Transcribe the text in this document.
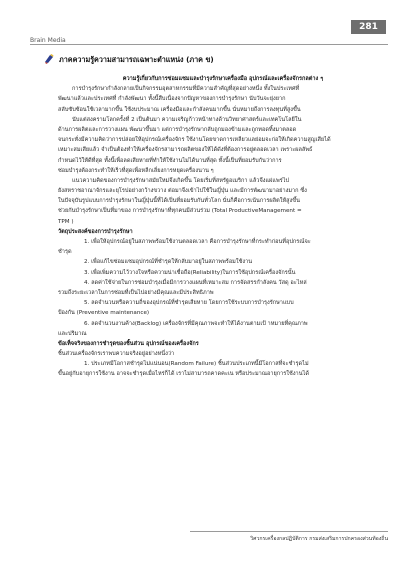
281
Brain Media
ภาคความรู้ความสามารถเฉพาะตำแหน่ง (ภาค ข)
ความรู้เกี่ยวกับการซ่อมแซมและบำรุงรักษาเครื่องมือ อุปกรณ์และเครื่องจักรกลต่าง ๆ
การบำรุงรักษากำลังกลายเป็นกิจกรรมอุตสาหกรรมที่มีความสำคัญที่สุดอย่างหนึ่ง ทั้งในประเทศที่
พัฒนาแล้วและประเทศที่ กำลังพัฒนา ทั้งนี้สืบเนื่องจากปัญหาของการบำรุงรักษา นับวันจะยุ่งยาก
สลับซับซ้อนใช้เวลามากขึ้น ใช้งบประมาณ เครื่องมือและกำลังคนมากขึ้น นั่นหมายถึงการลงทุนที่สูงขึ้น
นับแต่สงครามโลกครั้งที่ 2 เป็นต้นมา ความเจริญก้าวหน้าทางด้านวิทยาศาสตร์และเทคโนโลยีใน
ด้านการผลิตและการวางแผน พัฒนาขึ้นมา แต่การบำรุงรักษากลับถูกมองข้ามและถูกทอดทิ้งมาตลอด
จนกระทั่งมีความคิดว่าการปล่อยให้อุปกรณ์เครื่องจักร ใช้งานโดยขาดการเหลียวแลย่อมจะก่อให้เกิดความสูญเสียได้
เหมาะสมเสียแล้ว จำเป็นต้องทำให้เครื่องจักรสามารถผลิตของให้ได้ดังที่ต้องการอยู่ตลอดเวลา เพราะผลลัพธ์
กำหนดไว้ให้ดีที่สุด ทั้งนี้เพื่อลดเสียหายที่ทำให้ใช้งานไม่ได้นานที่สุด ทั้งนี้เป็นที่ยอมรับกันว่าการ
ซ่อมบำรุงต้องกระทำให้เร็วที่สุดเพื่อหลีกเลี่ยงการหยุดเครื่องนาน ๆ
แนวความคิดของการบำรุงรักษาสมัยใหม่จึงเกิดขึ้น โดยเริ่มที่สหรัฐอเมริกา แล้วจึงแผ่แพร่ไป
ยังสหราชอาณาจักรและยุโรปอย่างกว้างขวาง ต่อมาจึงเข้าไปใช้ในญี่ปุ่น และมีการพัฒนามาอย่างมาก ซึ่ง
ในปัจจุบันรูปแบบการบำรุงรักษาในญี่ปุ่นนี้ที่ได้เป็นที่ยอมรับกันทั่วโลก นั่นก็คือการเน้นการผลิตให้สูงขึ้น
ช่วยกันบำรุงรักษาเป็นที่มาของ การบำรุงรักษาที่ทุกคนมีส่วนร่วม (Total ProductiveManagement =
TPM )
วัตถุประสงค์ของการบำรุงรักษา
1. เพื่อให้อุปกรณ์อยู่ในสภาพพร้อมใช้งานตลอดเวลา คือการบำรุงรักษาที่กระทำก่อนที่อุปกรณ์จะ
ชำรุด
2. เพื่อแก้ไขซ่อมแซมอุปกรณ์ที่ชำรุดให้กลับมาอยู่ในสภาพพร้อมใช้งาน
3. เพื่อเพิ่มความไว้วางใจหรือความน่าเชื่อถือ(Reliability)ในการใช้อุปกรณ์เครื่องจักรนั้น
4. ลดค่าใช้จ่ายในการซ่อมบำรุงเมื่อมีการวางแผนที่เหมาะสม การจัดสรรกำลังคน วัสดุ อะไหล่
รวมถึงระยะเวลาในการซ่อมที่เป็นไปอย่างมีคุณและมีประสิทธิภาพ
5. ลดจำนวนหรือความถี่ของอุปกรณ์ที่ชำรุดเสียหาย โดยการใช้ระบบการบำรุงรักษาแบบ
ป้องกัน (Preventive maintenance)
6. ลดจำนวนงานค้าง(Backlog) เครื่องจักรที่มีคุณภาพจะทำให้ได้งานตามเป้ าหมายที่คุณภาพ
และปริมาณ
ข้อเท็จจริงของการชำรุดของชิ้นส่วน อุปกรณ์ของเครื่องจักร
ชิ้นส่วนเครื่องจักรเราพบความจริงอยู่อย่างหนึ่งว่า
1. ประเภทมีโอกาสชำรุดไม่แน่นอน(Random Failure) ชิ้นส่วนประเภทนี้มีโอกาสที่จะชำรุดไม่
ขึ้นอยู่กับอายุการใช้งาน อาจจะชำรุดเมื่อไหร่ก็ได้ เราไม่สามารถคาดคะเน หรือประมาณอายุการใช้งานได้
วิศวกรเครื่องกลปฏิบัติการ กรมส่งเสริมการปกครองส่วนท้องถิ่น
